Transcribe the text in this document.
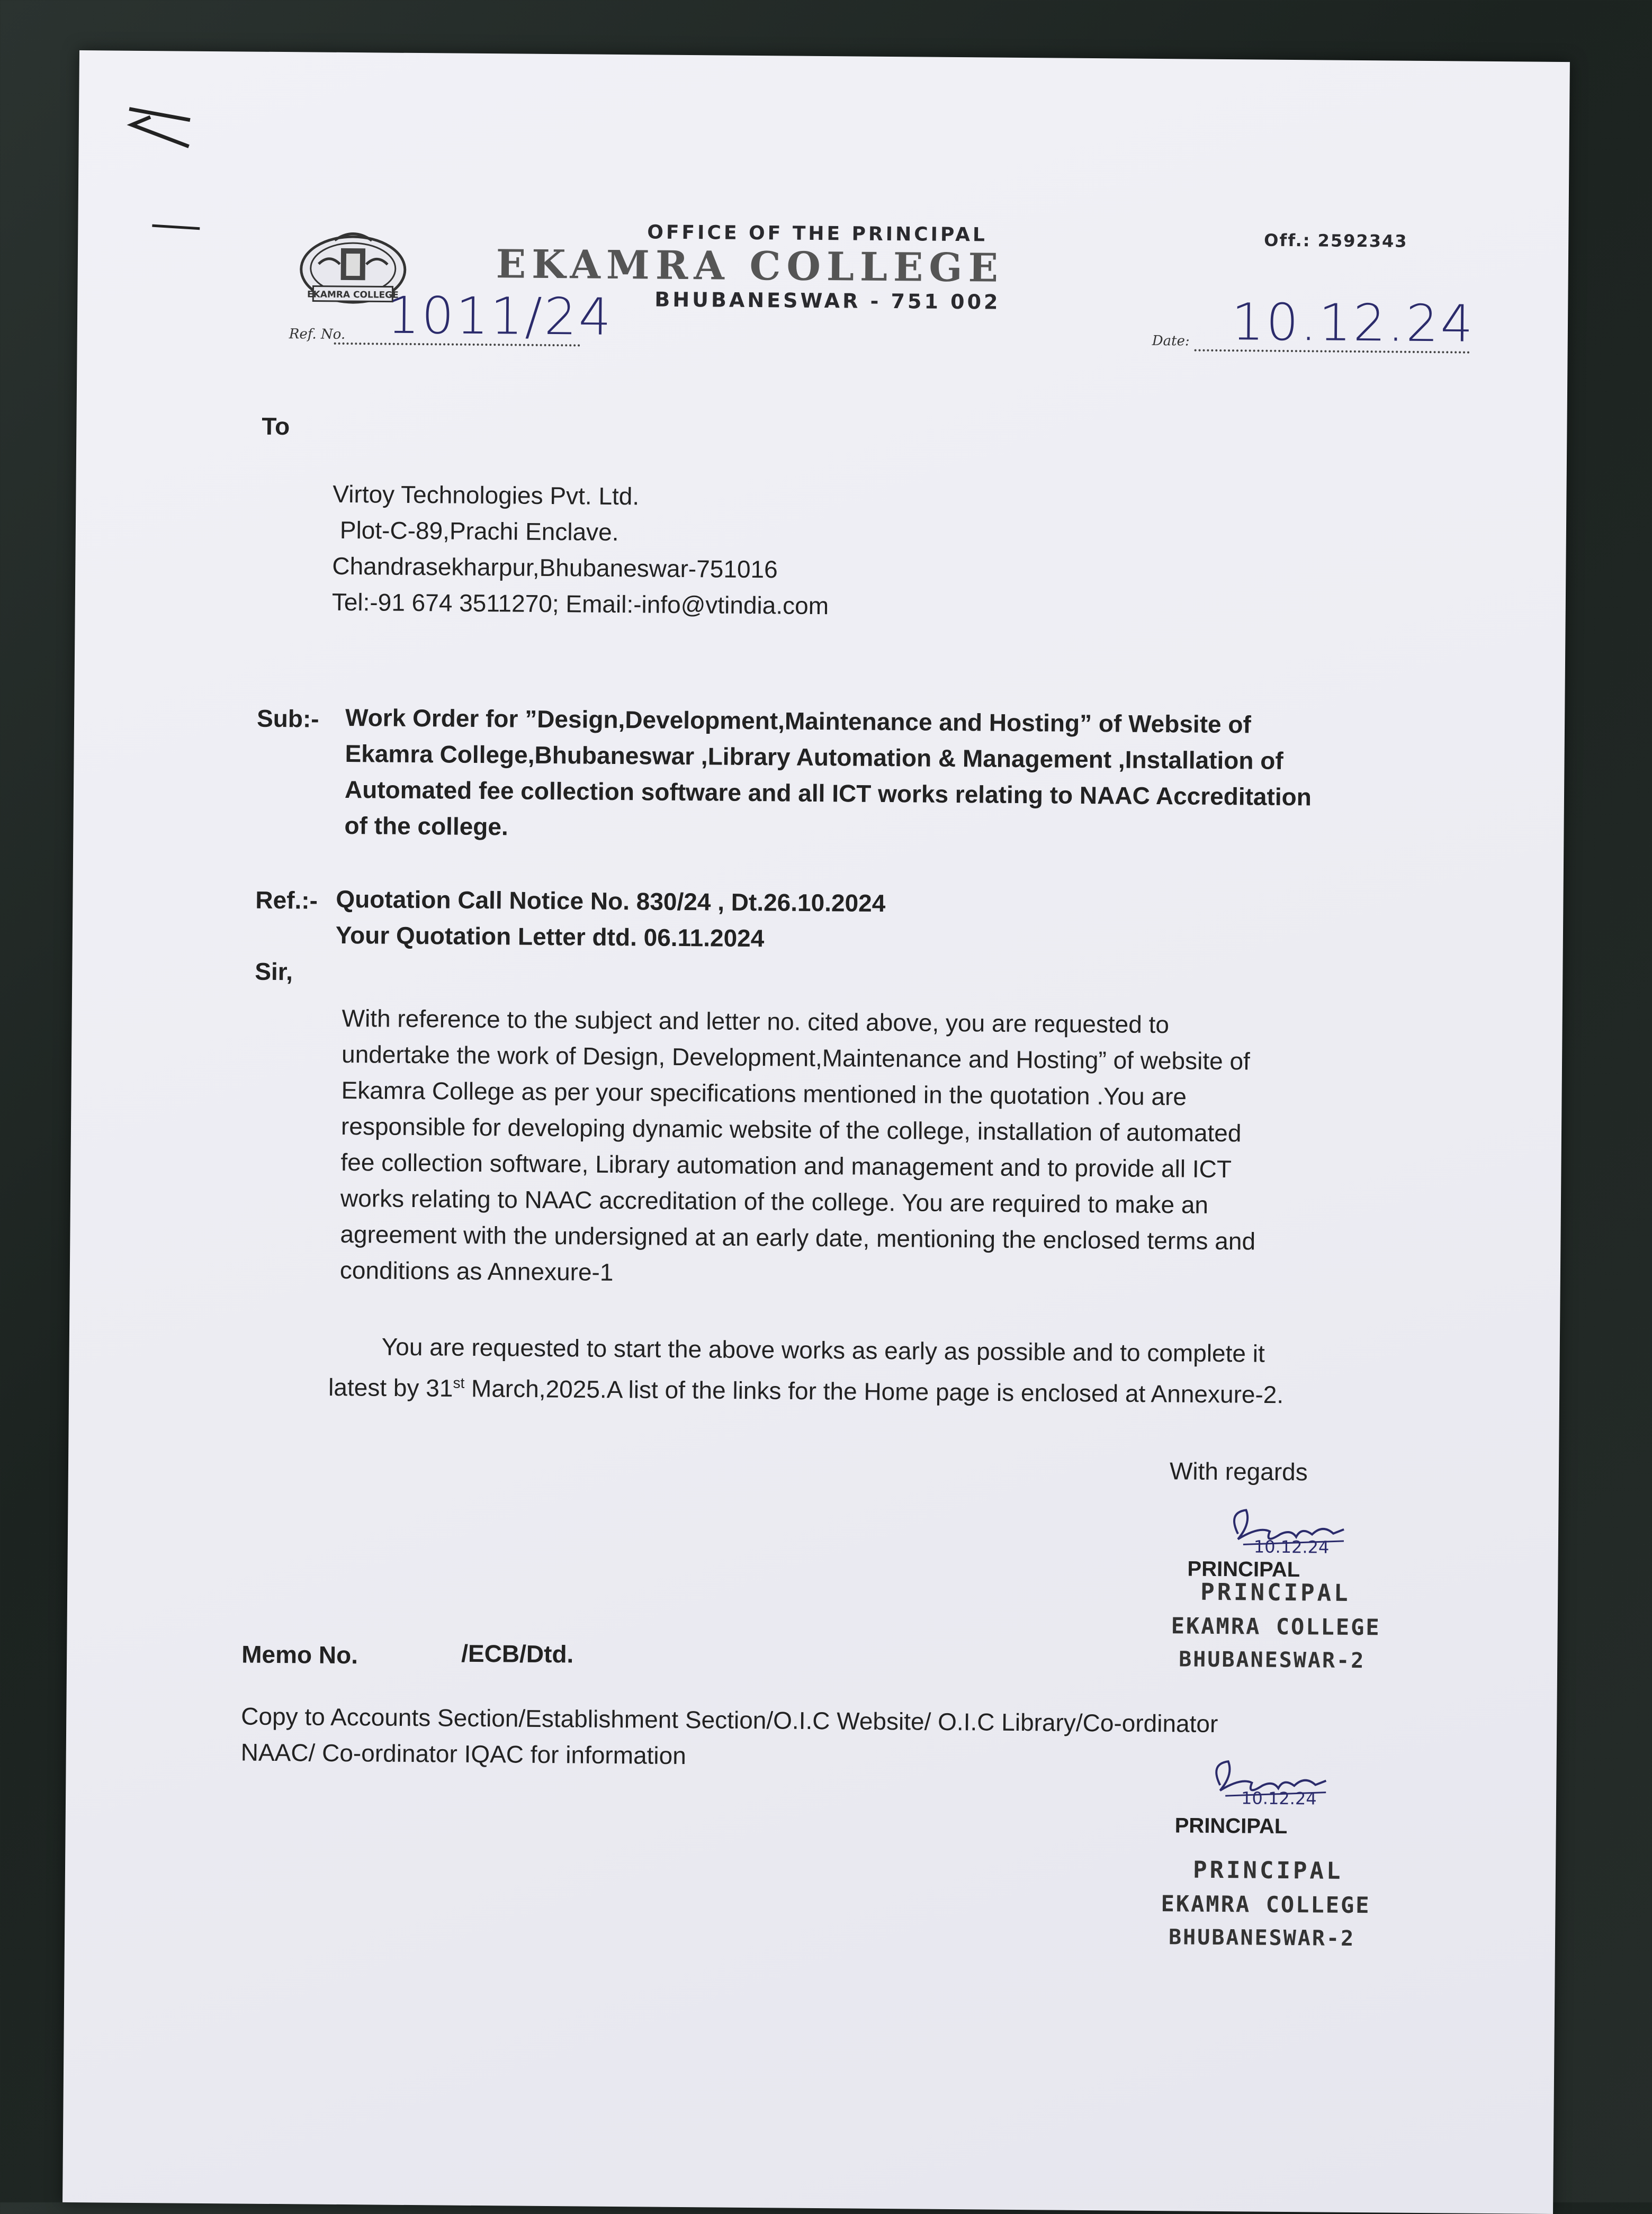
EKAMRA COLLEGE
OFFICE OF THE PRINCIPAL
EKAMRA COLLEGE
BHUBANESWAR - 751 002
Off.: 2592343
Ref. No. 1011/24	Date: 10.12.24
To
Virtoy Technologies Pvt. Ltd.
Plot-C-89,Prachi Enclave.
Chandrasekharpur,Bhubaneswar-751016
Tel:-91 674 3511270; Email:-info@vtindia.com
Sub:- Work Order for ”Design,Development,Maintenance and Hosting” of Website of
Ekamra College,Bhubaneswar ,Library Automation & Management ,Installation of
Automated fee collection software and all ICT works relating to NAAC Accreditation
of the college.
Ref.:- Quotation Call Notice No. 830/24 , Dt.26.10.2024
Your Quotation Letter dtd. 06.11.2024
Sir,
With reference to the subject and letter no. cited above, you are requested to
undertake the work of Design, Development,Maintenance and Hosting” of website of
Ekamra College as per your specifications mentioned in the quotation .You are
responsible for developing dynamic website of the college, installation of automated
fee collection software, Library automation and management and to provide all ICT
works relating to NAAC accreditation of the college. You are required to make an
agreement with the undersigned at an early date, mentioning the enclosed terms and
conditions as Annexure-1
You are requested to start the above works as early as possible and to complete it
latest by 31st March,2025.A list of the links for the Home page is enclosed at Annexure-2.
With regards
10.12.24
PRINCIPAL
PRINCIPAL
EKAMRA COLLEGE
BHUBANESWAR-2
Memo No.	/ECB/Dtd.
Copy to Accounts Section/Establishment Section/O.I.C Website/ O.I.C Library/Co-ordinator
NAAC/ Co-ordinator IQAC for information
10.12.24
PRINCIPAL
PRINCIPAL
EKAMRA COLLEGE
BHUBANESWAR-2
